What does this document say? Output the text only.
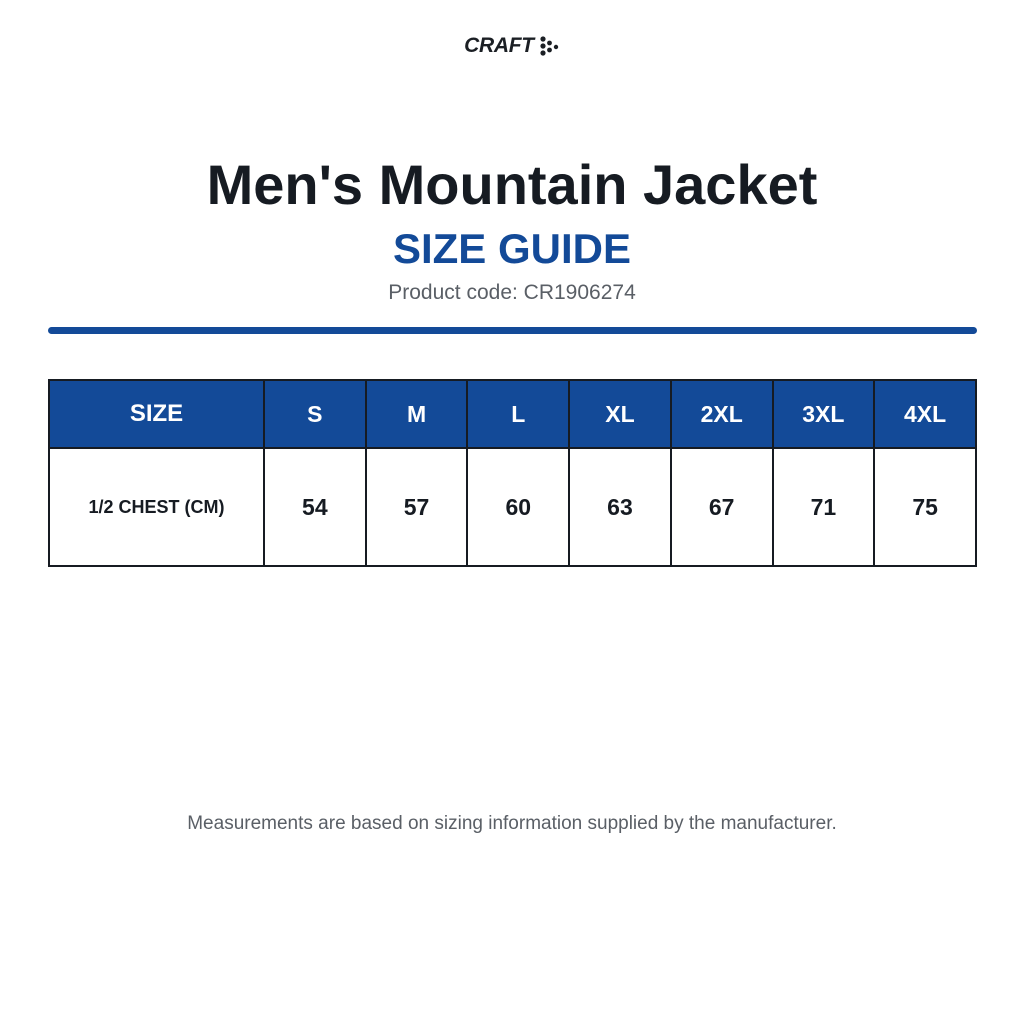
CRAFT
Men's Mountain Jacket
SIZE GUIDE
Product code: CR1906274
SIZE	S	M	L	XL	2XL	3XL	4XL
1/2 CHEST (CM)	54	57	60	63	67	71	75
Measurements are based on sizing information supplied by the manufacturer.
